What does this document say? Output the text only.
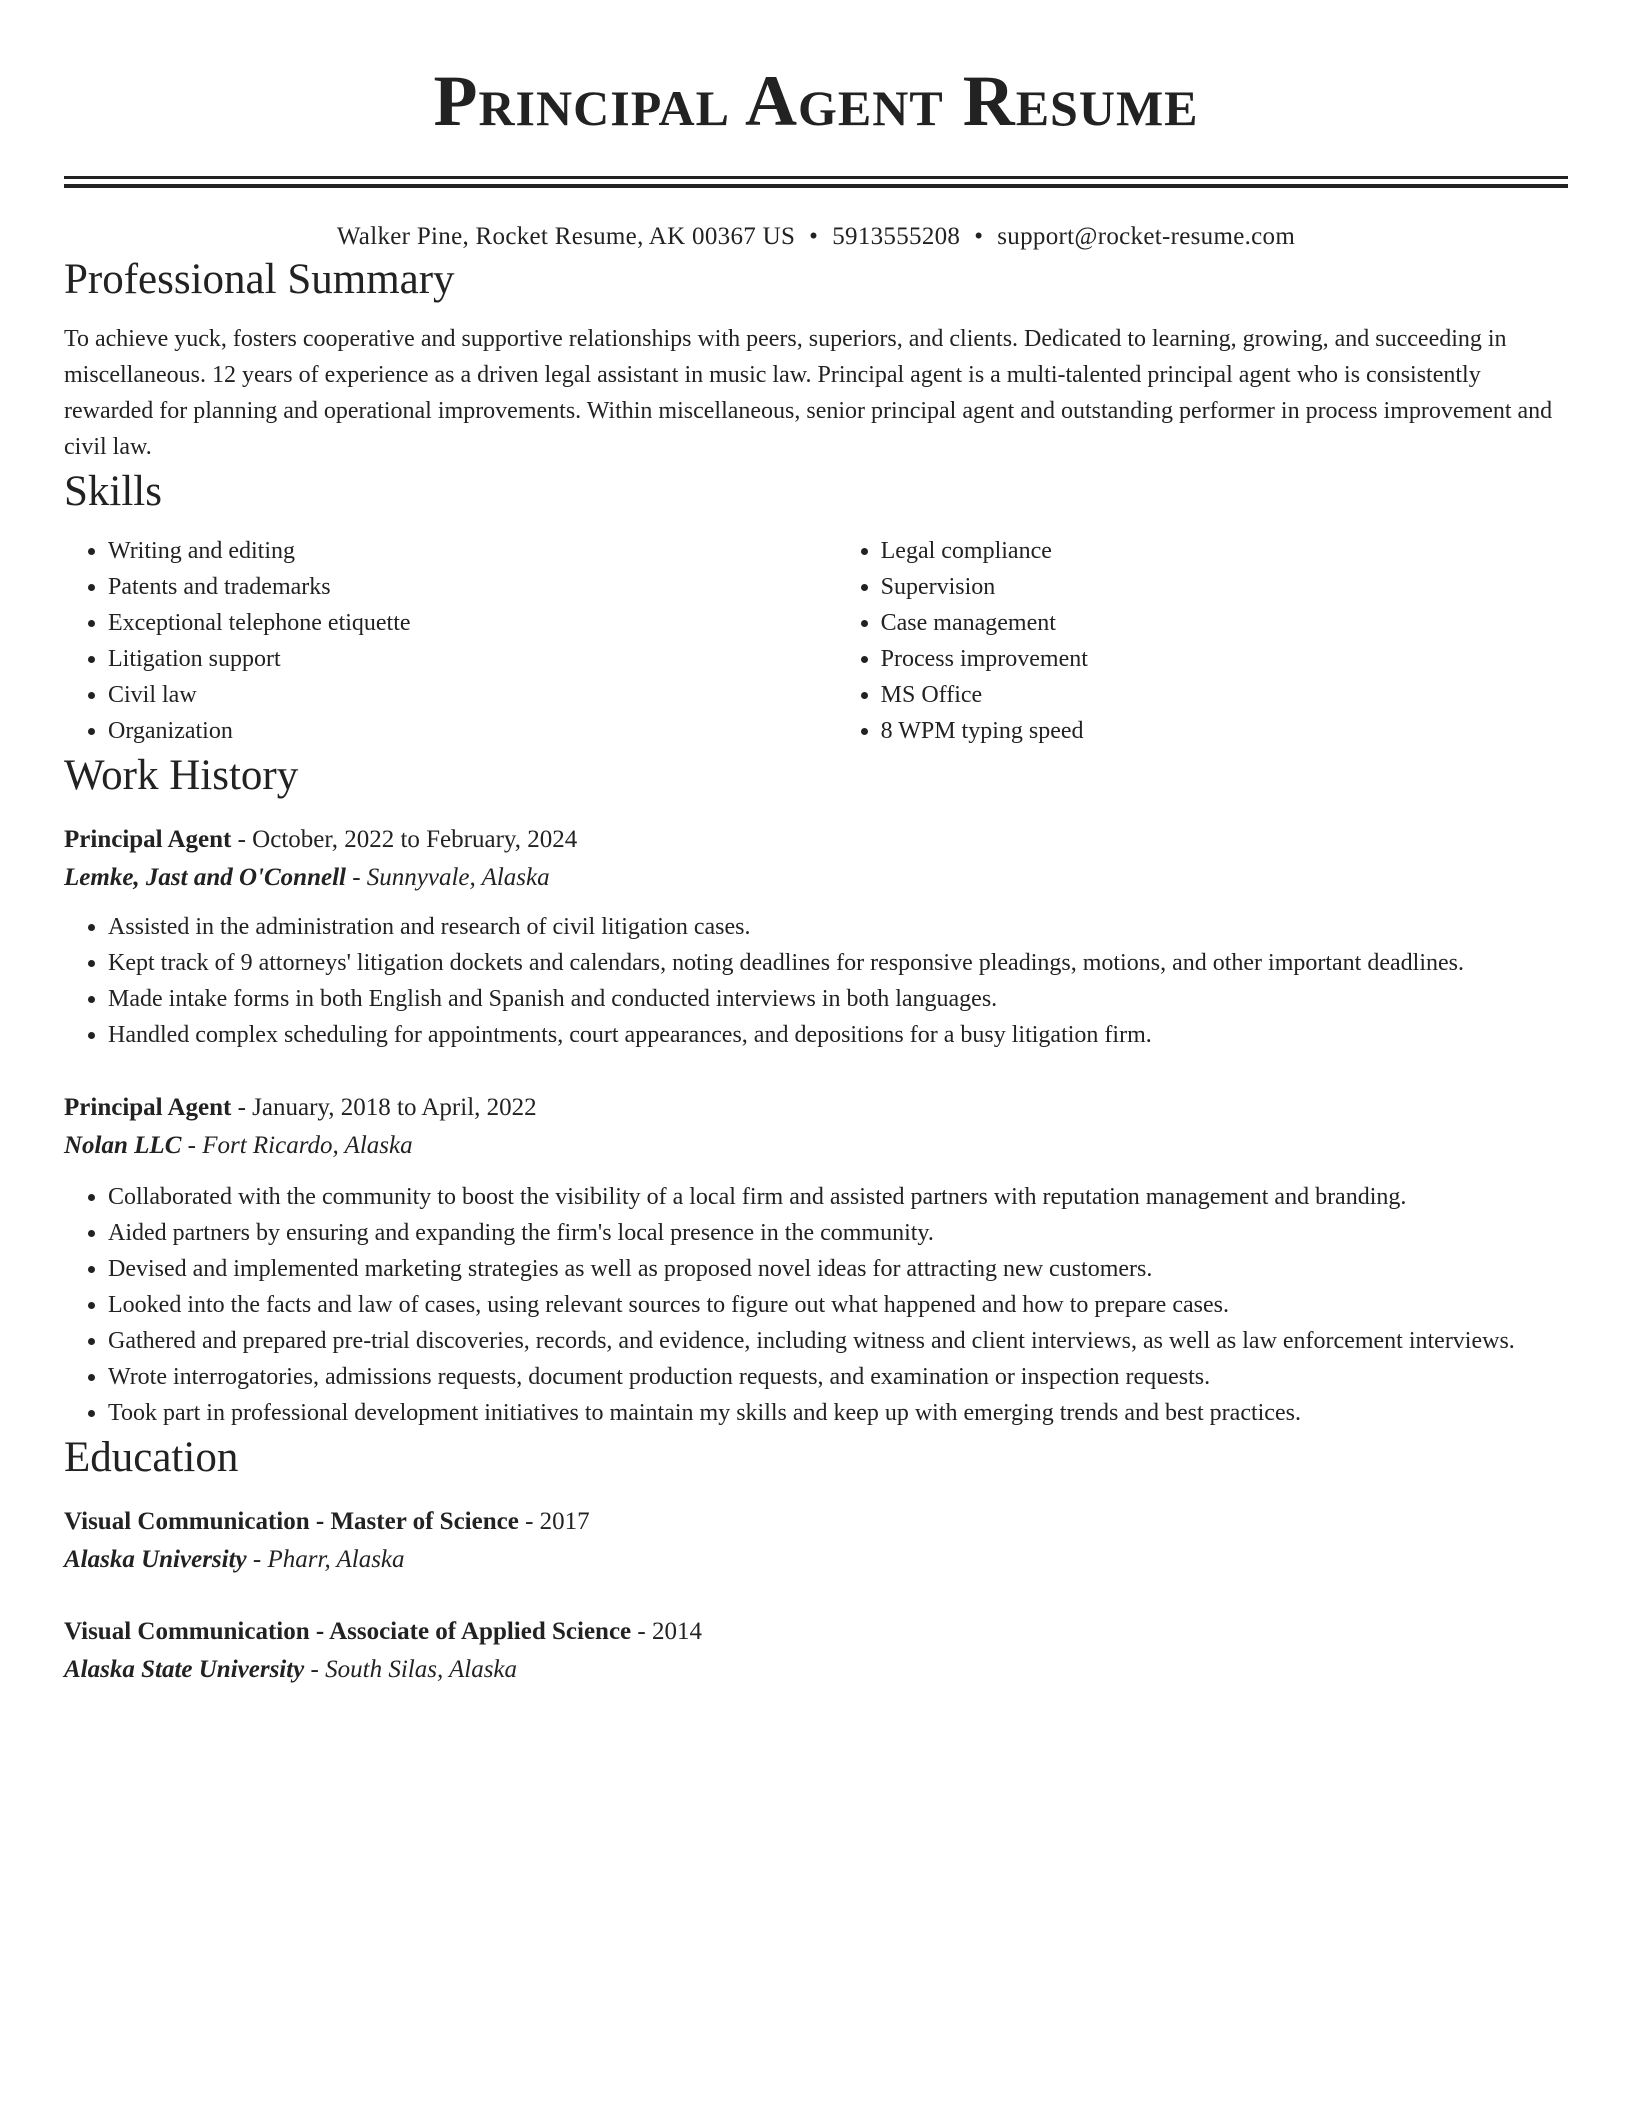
Principal Agent Resume
Walker Pine, Rocket Resume, AK 00367 US • 5913555208 • support@rocket-resume.com
Professional Summary
To achieve yuck, fosters cooperative and supportive relationships with peers, superiors, and clients. Dedicated to learning, growing, and succeeding in miscellaneous. 12 years of experience as a driven legal assistant in music law. Principal agent is a multi-talented principal agent who is consistently rewarded for planning and operational improvements. Within miscellaneous, senior principal agent and outstanding performer in process improvement and civil law.
Skills
• Writing and editing
• Patents and trademarks
• Exceptional telephone etiquette
• Litigation support
• Civil law
• Organization
• Legal compliance
• Supervision
• Case management
• Process improvement
• MS Office
• 8 WPM typing speed
Work History
Principal Agent - October, 2022 to February, 2024
Lemke, Jast and O'Connell - Sunnyvale, Alaska
• Assisted in the administration and research of civil litigation cases.
• Kept track of 9 attorneys' litigation dockets and calendars, noting deadlines for responsive pleadings, motions, and other important deadlines.
• Made intake forms in both English and Spanish and conducted interviews in both languages.
• Handled complex scheduling for appointments, court appearances, and depositions for a busy litigation firm.
Principal Agent - January, 2018 to April, 2022
Nolan LLC - Fort Ricardo, Alaska
• Collaborated with the community to boost the visibility of a local firm and assisted partners with reputation management and branding.
• Aided partners by ensuring and expanding the firm's local presence in the community.
• Devised and implemented marketing strategies as well as proposed novel ideas for attracting new customers.
• Looked into the facts and law of cases, using relevant sources to figure out what happened and how to prepare cases.
• Gathered and prepared pre-trial discoveries, records, and evidence, including witness and client interviews, as well as law enforcement interviews.
• Wrote interrogatories, admissions requests, document production requests, and examination or inspection requests.
• Took part in professional development initiatives to maintain my skills and keep up with emerging trends and best practices.
Education
Visual Communication - Master of Science - 2017
Alaska University - Pharr, Alaska
Visual Communication - Associate of Applied Science - 2014
Alaska State University - South Silas, Alaska
